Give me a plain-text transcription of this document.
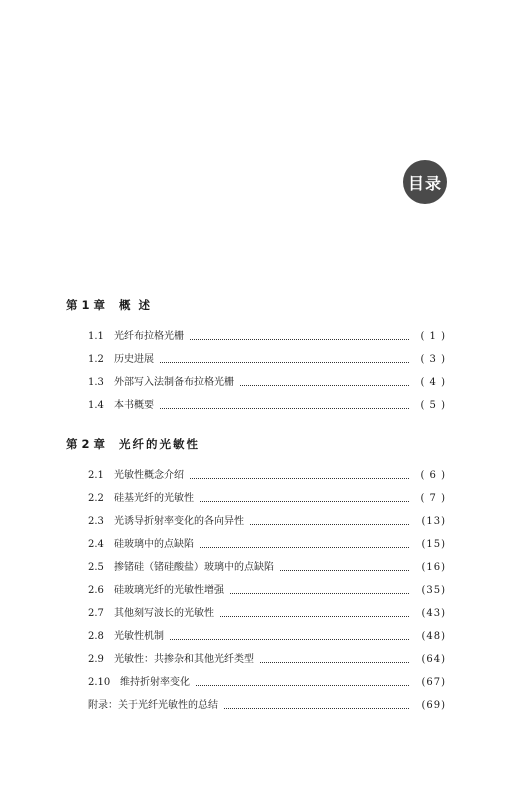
目录
第 1 章 概 述
1.1	光纤布拉格光栅	( 1 )
1.2	历史进展	( 3 )
1.3	外部写入法制备布拉格光栅	( 4 )
1.4	本书概要	( 5 )
第 2 章 光纤的光敏性
2.1	光敏性概念介绍	( 6 )
2.2	硅基光纤的光敏性	( 7 )
2.3	光诱导折射率变化的各向异性	(13)
2.4	硅玻璃中的点缺陷	(15)
2.5	掺锗硅（锗硅酸盐）玻璃中的点缺陷	(16)
2.6	硅玻璃光纤的光敏性增强	(35)
2.7	其他刻写波长的光敏性	(43)
2.8	光敏性机制	(48)
2.9	光敏性：共掺杂和其他光纤类型	(64)
2.10 维持折射率变化	(67)
附录：关于光纤光敏性的总结	(69)
